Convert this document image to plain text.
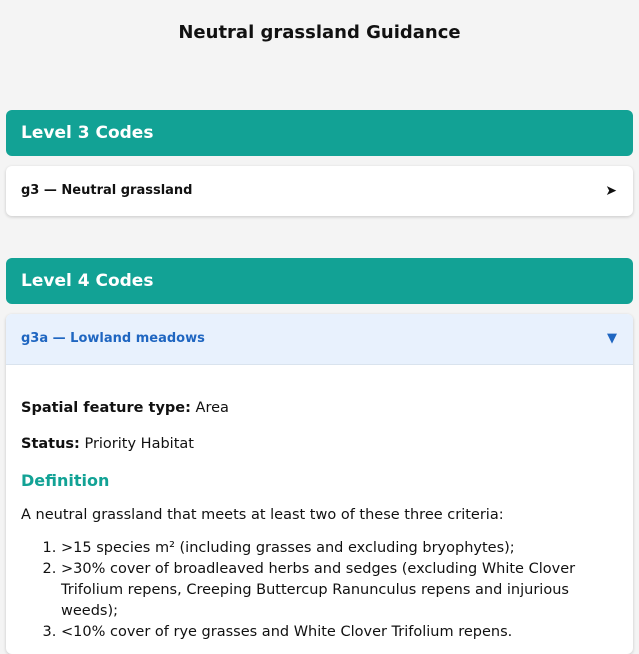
Neutral grassland Guidance
Level 3 Codes
g3 — Neutral grassland	➤
Level 4 Codes
g3a — Lowland meadows	▼

Spatial feature type: Area

Status: Priority Habitat

Definition
A neutral grassland that meets at least two of these three criteria:
1. >15 species m² (including grasses and excluding bryophytes);
2. >30% cover of broadleaved herbs and sedges (excluding White Clover Trifolium repens, Creeping Buttercup Ranunculus repens and injurious weeds);
3. <10% cover of rye grasses and White Clover Trifolium repens.
